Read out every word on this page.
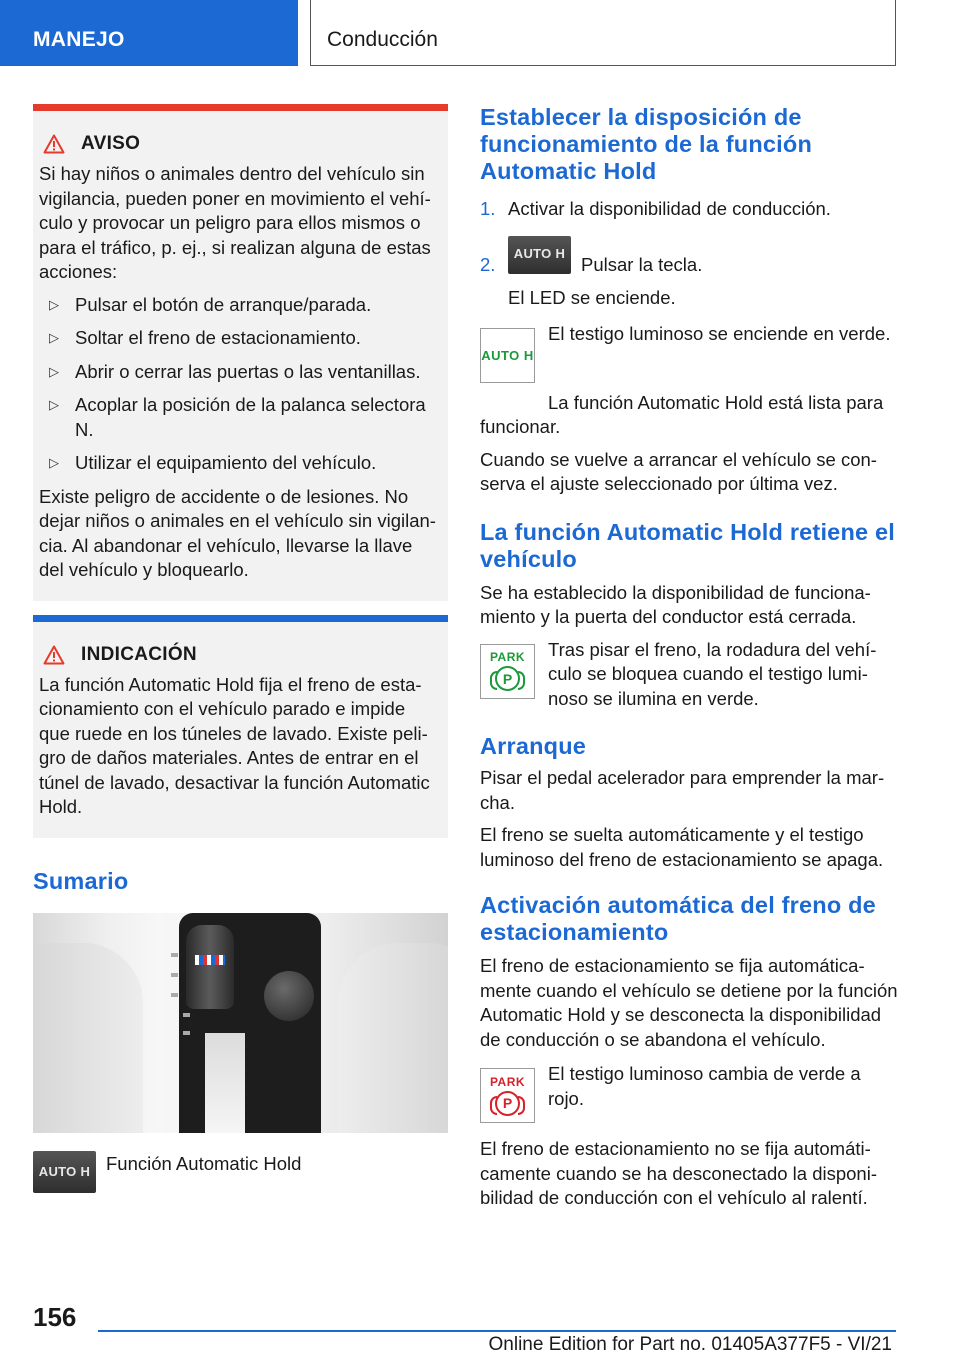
MANEJO	Conducción
AVISO

Si hay niños o animales dentro del vehículo sin vigilancia, pueden poner en movimiento el vehículo y provocar un peligro para ellos mismos o para el tráfico, p. ej., si realizan alguna de estas acciones:

▷ Pulsar el botón de arranque/parada.
▷ Soltar el freno de estacionamiento.
▷ Abrir o cerrar las puertas o las ventanillas.
▷ Acoplar la posición de la palanca selectora N.
▷ Utilizar el equipamiento del vehículo.

Existe peligro de accidente o de lesiones. No dejar niños o animales en el vehículo sin vigilancia. Al abandonar el vehículo, llevarse la llave del vehículo y bloquearlo.

INDICACIÓN

La función Automatic Hold fija el freno de estacionamiento con el vehículo parado e impide que ruede en los túneles de lavado. Existe peligro de daños materiales. Antes de entrar en el túnel de lavado, desactivar la función Automatic Hold.

Sumario
AUTO H Función Automatic Hold

Establecer la disposición de funcionamiento de la función Automatic Hold
1. Activar la disponibilidad de conducción.
2.	AUTO H Pulsar la tecla.

El LED se enciende.

AUTO H

El testigo luminoso se enciende en verde.

La función Automatic Hold está lista para funcionar.

Cuando se vuelve a arrancar el vehículo se conserva el ajuste seleccionado por última vez.

La función Automatic Hold retiene el vehículo

Se ha establecido la disponibilidad de funcionamiento y la puerta del conductor está cerrada.

PARK
P

Tras pisar el freno, la rodadura del vehículo se bloquea cuando el testigo luminoso se ilumina en verde.

Arranque

Pisar el pedal acelerador para emprender la marcha.

El freno se suelta automáticamente y el testigo luminoso del freno de estacionamiento se apaga.

Activación automática del freno de estacionamiento

El freno de estacionamiento se fija automáticamente cuando el vehículo se detiene por la función Automatic Hold y se desconecta la disponibilidad de conducción o se abandona el vehículo.

PARK
P

El testigo luminoso cambia de verde a rojo.

El freno de estacionamiento no se fija automáticamente cuando se ha desconectado la disponibilidad de conducción con el vehículo al ralentí.

156
Online Edition for Part no. 01405A377F5 - VI/21
